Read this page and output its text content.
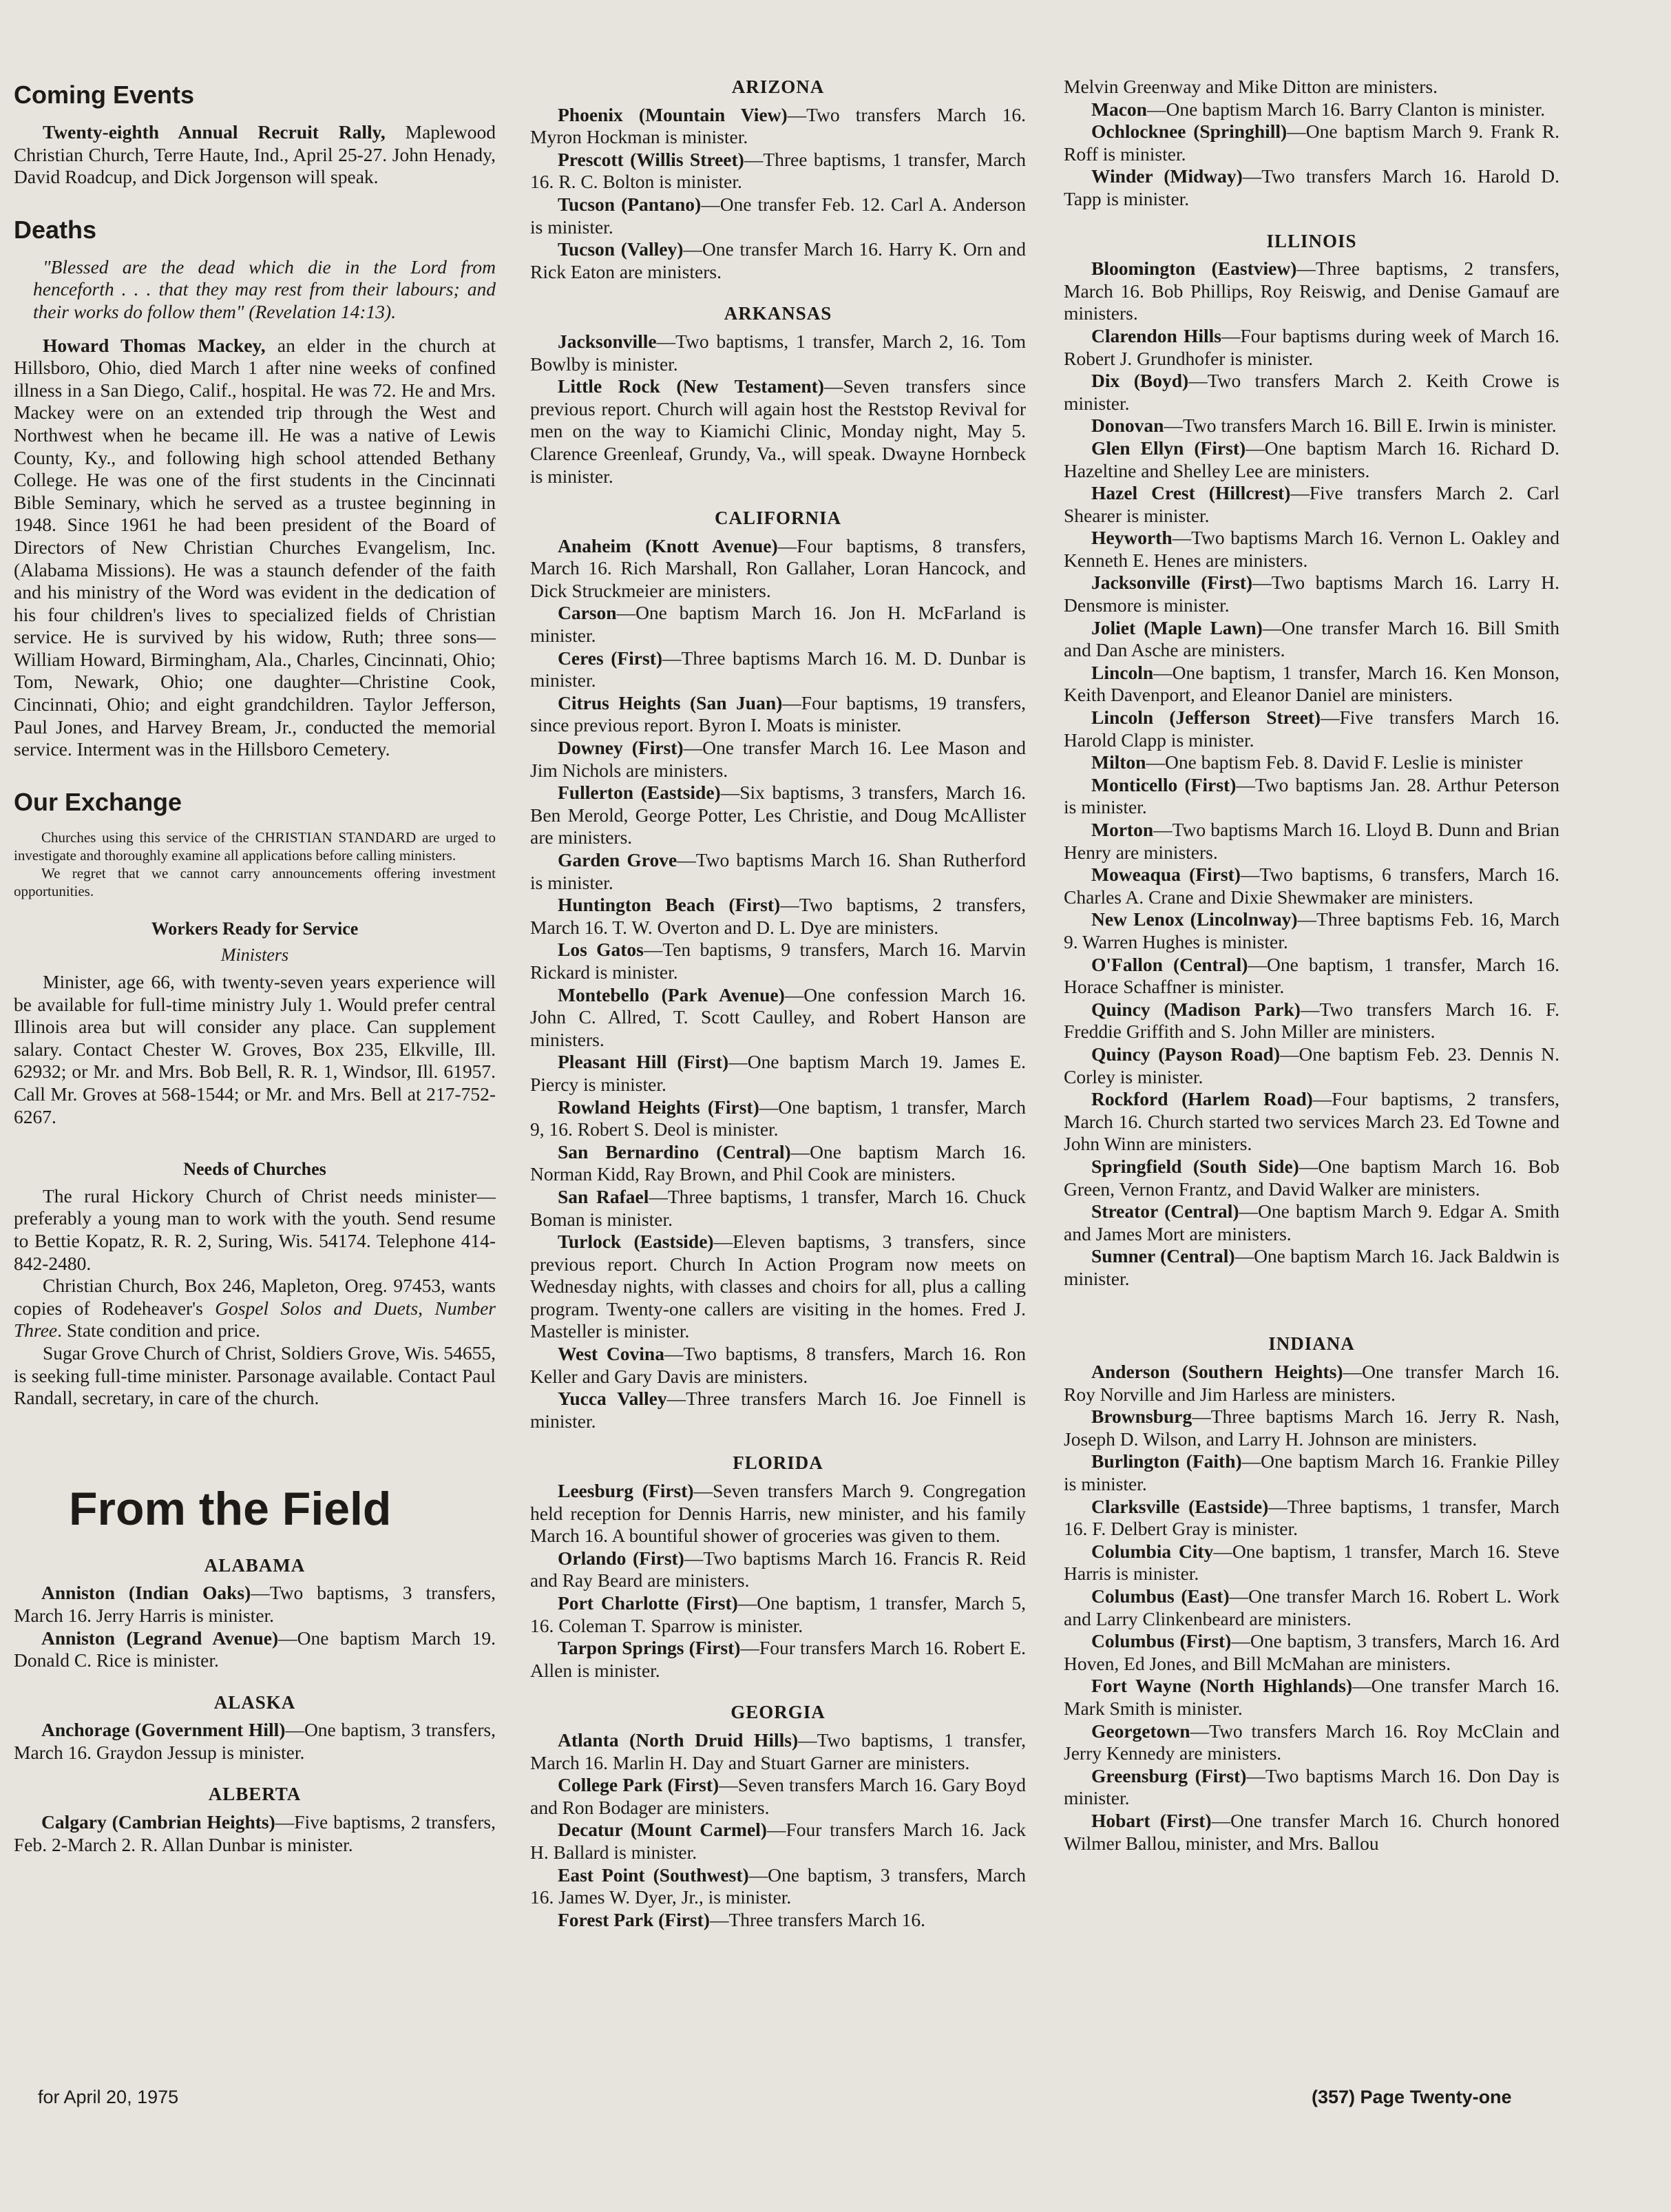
Coming Events

Twenty-eighth Annual Recruit Rally, Maplewood Christian Church, Terre Haute, Ind., April 25-27. John Henady, David Roadcup, and Dick Jorgenson will speak.

Deaths

"Blessed are the dead which die in the Lord from henceforth . . . that they may rest from their labours; and their works do follow them" (Revelation 14:13).

Howard Thomas Mackey, an elder in the church at Hillsboro, Ohio, died March 1 after nine weeks of confined illness in a San Diego, Calif., hospital. He was 72. He and Mrs. Mackey were on an extended trip through the West and Northwest when he became ill. He was a native of Lewis County, Ky., and following high school attended Bethany College. He was one of the first students in the Cincinnati Bible Seminary, which he served as a trustee beginning in 1948. Since 1961 he had been president of the Board of Directors of New Christian Churches Evangelism, Inc. (Alabama Missions). He was a staunch defender of the faith and his ministry of the Word was evident in the dedication of his four children's lives to specialized fields of Christian service. He is survived by his widow, Ruth; three sons—William Howard, Birmingham, Ala., Charles, Cincinnati, Ohio; Tom, Newark, Ohio; one daughter—Christine Cook, Cincinnati, Ohio; and eight grandchildren. Taylor Jefferson, Paul Jones, and Harvey Bream, Jr., conducted the memorial service. Interment was in the Hillsboro Cemetery.

Our Exchange

Churches using this service of the CHRISTIAN STANDARD are urged to investigate and thoroughly examine all applications before calling ministers.

We regret that we cannot carry announcements offering investment opportunities.

Workers Ready for Service
Ministers

Minister, age 66, with twenty-seven years experience will be available for full-time ministry July 1. Would prefer central Illinois area but will consider any place. Can supplement salary. Contact Chester W. Groves, Box 235, Elkville, Ill. 62932; or Mr. and Mrs. Bob Bell, R. R. 1, Windsor, Ill. 61957. Call Mr. Groves at 568-1544; or Mr. and Mrs. Bell at 217-752-6267.

Needs of Churches

The rural Hickory Church of Christ needs minister—preferably a young man to work with the youth. Send resume to Bettie Kopatz, R. R. 2, Suring, Wis. 54174. Telephone 414-842-2480.

Christian Church, Box 246, Mapleton, Oreg. 97453, wants copies of Rodeheaver's Gospel Solos and Duets, Number Three. State condition and price.

Sugar Grove Church of Christ, Soldiers Grove, Wis. 54655, is seeking full-time minister. Parsonage available. Contact Paul Randall, secretary, in care of the church.

From the Field
ALABAMA

Anniston (Indian Oaks)—Two baptisms, 3 transfers, March 16. Jerry Harris is minister.

Anniston (Legrand Avenue)—One baptism March 19. Donald C. Rice is minister.

ALASKA

Anchorage (Government Hill)—One baptism, 3 transfers, March 16. Graydon Jessup is minister.

ALBERTA

Calgary (Cambrian Heights)—Five baptisms, 2 transfers, Feb. 2-March 2. R. Allan Dunbar is minister.

ARIZONA

Phoenix (Mountain View)—Two transfers March 16. Myron Hockman is minister.

Prescott (Willis Street)—Three baptisms, 1 transfer, March 16. R. C. Bolton is minister.

Tucson (Pantano)—One transfer Feb. 12. Carl A. Anderson is minister.

Tucson (Valley)—One transfer March 16. Harry K. Orn and Rick Eaton are ministers.

ARKANSAS

Jacksonville—Two baptisms, 1 transfer, March 2, 16. Tom Bowlby is minister.

Little Rock (New Testament)—Seven transfers since previous report. Church will again host the Reststop Revival for men on the way to Kiamichi Clinic, Monday night, May 5. Clarence Greenleaf, Grundy, Va., will speak. Dwayne Hornbeck is minister.

CALIFORNIA

Anaheim (Knott Avenue)—Four baptisms, 8 transfers, March 16. Rich Marshall, Ron Gallaher, Loran Hancock, and Dick Struckmeier are ministers.

Carson—One baptism March 16. Jon H. McFarland is minister.

Ceres (First)—Three baptisms March 16. M. D. Dunbar is minister.

Citrus Heights (San Juan)—Four baptisms, 19 transfers, since previous report. Byron I. Moats is minister.

Downey (First)—One transfer March 16. Lee Mason and Jim Nichols are ministers.

Fullerton (Eastside)—Six baptisms, 3 transfers, March 16. Ben Merold, George Potter, Les Christie, and Doug McAllister are ministers.

Garden Grove—Two baptisms March 16. Shan Rutherford is minister.

Huntington Beach (First)—Two baptisms, 2 transfers, March 16. T. W. Overton and D. L. Dye are ministers.

Los Gatos—Ten baptisms, 9 transfers, March 16. Marvin Rickard is minister.

Montebello (Park Avenue)—One confession March 16. John C. Allred, T. Scott Caulley, and Robert Hanson are ministers.

Pleasant Hill (First)—One baptism March 19. James E. Piercy is minister.

Rowland Heights (First)—One baptism, 1 transfer, March 9, 16. Robert S. Deol is minister.

San Bernardino (Central)—One baptism March 16. Norman Kidd, Ray Brown, and Phil Cook are ministers.

San Rafael—Three baptisms, 1 transfer, March 16. Chuck Boman is minister.

Turlock (Eastside)—Eleven baptisms, 3 transfers, since previous report. Church In Action Program now meets on Wednesday nights, with classes and choirs for all, plus a calling program. Twenty-one callers are visiting in the homes. Fred J. Masteller is minister.

West Covina—Two baptisms, 8 transfers, March 16. Ron Keller and Gary Davis are ministers.

Yucca Valley—Three transfers March 16. Joe Finnell is minister.

FLORIDA

Leesburg (First)—Seven transfers March 9. Congregation held reception for Dennis Harris, new minister, and his family March 16. A bountiful shower of groceries was given to them.

Orlando (First)—Two baptisms March 16. Francis R. Reid and Ray Beard are ministers.

Port Charlotte (First)—One baptism, 1 transfer, March 5, 16. Coleman T. Sparrow is minister.

Tarpon Springs (First)—Four transfers March 16. Robert E. Allen is minister.

GEORGIA

Atlanta (North Druid Hills)—Two baptisms, 1 transfer, March 16. Marlin H. Day and Stuart Garner are ministers.

College Park (First)—Seven transfers March 16. Gary Boyd and Ron Bodager are ministers.

Decatur (Mount Carmel)—Four transfers March 16. Jack H. Ballard is minister.

East Point (Southwest)—One baptism, 3 transfers, March 16. James W. Dyer, Jr., is minister.

Forest Park (First)—Three transfers March 16.

Melvin Greenway and Mike Ditton are ministers.

Macon—One baptism March 16. Barry Clanton is minister.

Ochlocknee (Springhill)—One baptism March 9. Frank R. Roff is minister.

Winder (Midway)—Two transfers March 16. Harold D. Tapp is minister.

ILLINOIS

Bloomington (Eastview)—Three baptisms, 2 transfers, March 16. Bob Phillips, Roy Reiswig, and Denise Gamauf are ministers.

Clarendon Hills—Four baptisms during week of March 16. Robert J. Grundhofer is minister.

Dix (Boyd)—Two transfers March 2. Keith Crowe is minister.

Donovan—Two transfers March 16. Bill E. Irwin is minister.

Glen Ellyn (First)—One baptism March 16. Richard D. Hazeltine and Shelley Lee are ministers.

Hazel Crest (Hillcrest)—Five transfers March 2. Carl Shearer is minister.

Heyworth—Two baptisms March 16. Vernon L. Oakley and Kenneth E. Henes are ministers.

Jacksonville (First)—Two baptisms March 16. Larry H. Densmore is minister.

Joliet (Maple Lawn)—One transfer March 16. Bill Smith and Dan Asche are ministers.

Lincoln—One baptism, 1 transfer, March 16. Ken Monson, Keith Davenport, and Eleanor Daniel are ministers.

Lincoln (Jefferson Street)—Five transfers March 16. Harold Clapp is minister.

Milton—One baptism Feb. 8. David F. Leslie is minister

Monticello (First)—Two baptisms Jan. 28. Arthur Peterson is minister.

Morton—Two baptisms March 16. Lloyd B. Dunn and Brian Henry are ministers.

Moweaqua (First)—Two baptisms, 6 transfers, March 16. Charles A. Crane and Dixie Shewmaker are ministers.

New Lenox (Lincolnway)—Three baptisms Feb. 16, March 9. Warren Hughes is minister.

O'Fallon (Central)—One baptism, 1 transfer, March 16. Horace Schaffner is minister.

Quincy (Madison Park)—Two transfers March 16. F. Freddie Griffith and S. John Miller are ministers.

Quincy (Payson Road)—One baptism Feb. 23. Dennis N. Corley is minister.

Rockford (Harlem Road)—Four baptisms, 2 transfers, March 16. Church started two services March 23. Ed Towne and John Winn are ministers.

Springfield (South Side)—One baptism March 16. Bob Green, Vernon Frantz, and David Walker are ministers.

Streator (Central)—One baptism March 9. Edgar A. Smith and James Mort are ministers.

Sumner (Central)—One baptism March 16. Jack Baldwin is minister.

INDIANA

Anderson (Southern Heights)—One transfer March 16. Roy Norville and Jim Harless are ministers.

Brownsburg—Three baptisms March 16. Jerry R. Nash, Joseph D. Wilson, and Larry H. Johnson are ministers.

Burlington (Faith)—One baptism March 16. Frankie Pilley is minister.

Clarksville (Eastside)—Three baptisms, 1 transfer, March 16. F. Delbert Gray is minister.

Columbia City—One baptism, 1 transfer, March 16. Steve Harris is minister.

Columbus (East)—One transfer March 16. Robert L. Work and Larry Clinkenbeard are ministers.

Columbus (First)—One baptism, 3 transfers, March 16. Ard Hoven, Ed Jones, and Bill McMahan are ministers.

Fort Wayne (North Highlands)—One transfer March 16. Mark Smith is minister.

Georgetown—Two transfers March 16. Roy McClain and Jerry Kennedy are ministers.

Greensburg (First)—Two baptisms March 16. Don Day is minister.

Hobart (First)—One transfer March 16. Church honored Wilmer Ballou, minister, and Mrs. Ballou

for April 20, 1975	(357) Page Twenty-one
